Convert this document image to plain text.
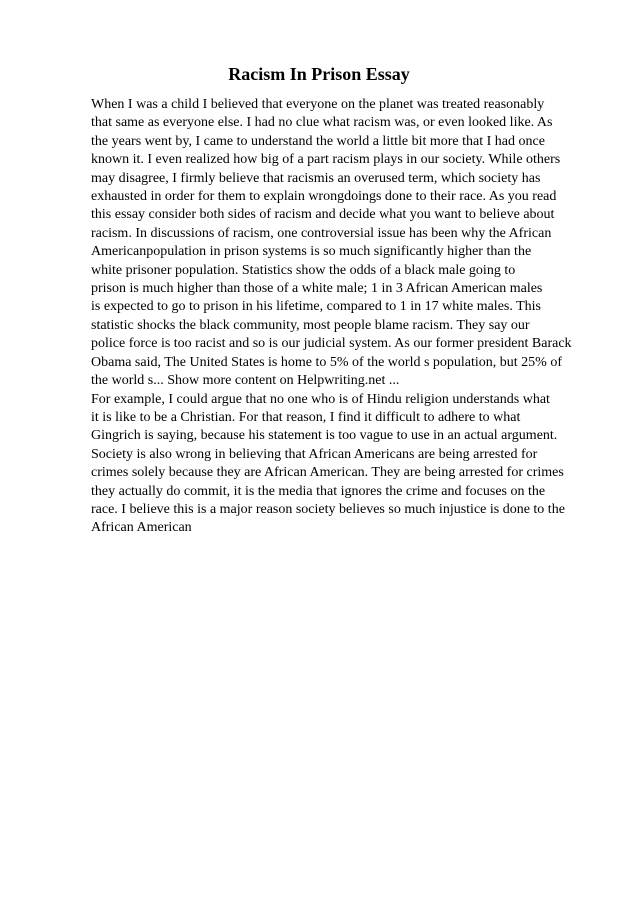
Racism In Prison Essay
When I was a child I believed that everyone on the planet was treated reasonably
that same as everyone else. I had no clue what racism was, or even looked like. As
the years went by, I came to understand the world a little bit more that I had once
known it. I even realized how big of a part racism plays in our society. While others
may disagree, I firmly believe that racismis an overused term, which society has
exhausted in order for them to explain wrongdoings done to their race. As you read
this essay consider both sides of racism and decide what you want to believe about
racism. In discussions of racism, one controversial issue has been why the African
Americanpopulation in prison systems is so much significantly higher than the
white prisoner population. Statistics show the odds of a black male going to
prison is much higher than those of a white male; 1 in 3 African American males
is expected to go to prison in his lifetime, compared to 1 in 17 white males. This
statistic shocks the black community, most people blame racism. They say our
police force is too racist and so is our judicial system. As our former president Barack
Obama said, The United States is home to 5% of the world s population, but 25% of
the world s... Show more content on Helpwriting.net ...
For example, I could argue that no one who is of Hindu religion understands what
it is like to be a Christian. For that reason, I find it difficult to adhere to what
Gingrich is saying, because his statement is too vague to use in an actual argument.
Society is also wrong in believing that African Americans are being arrested for
crimes solely because they are African American. They are being arrested for crimes
they actually do commit, it is the media that ignores the crime and focuses on the
race. I believe this is a major reason society believes so much injustice is done to the
African American
